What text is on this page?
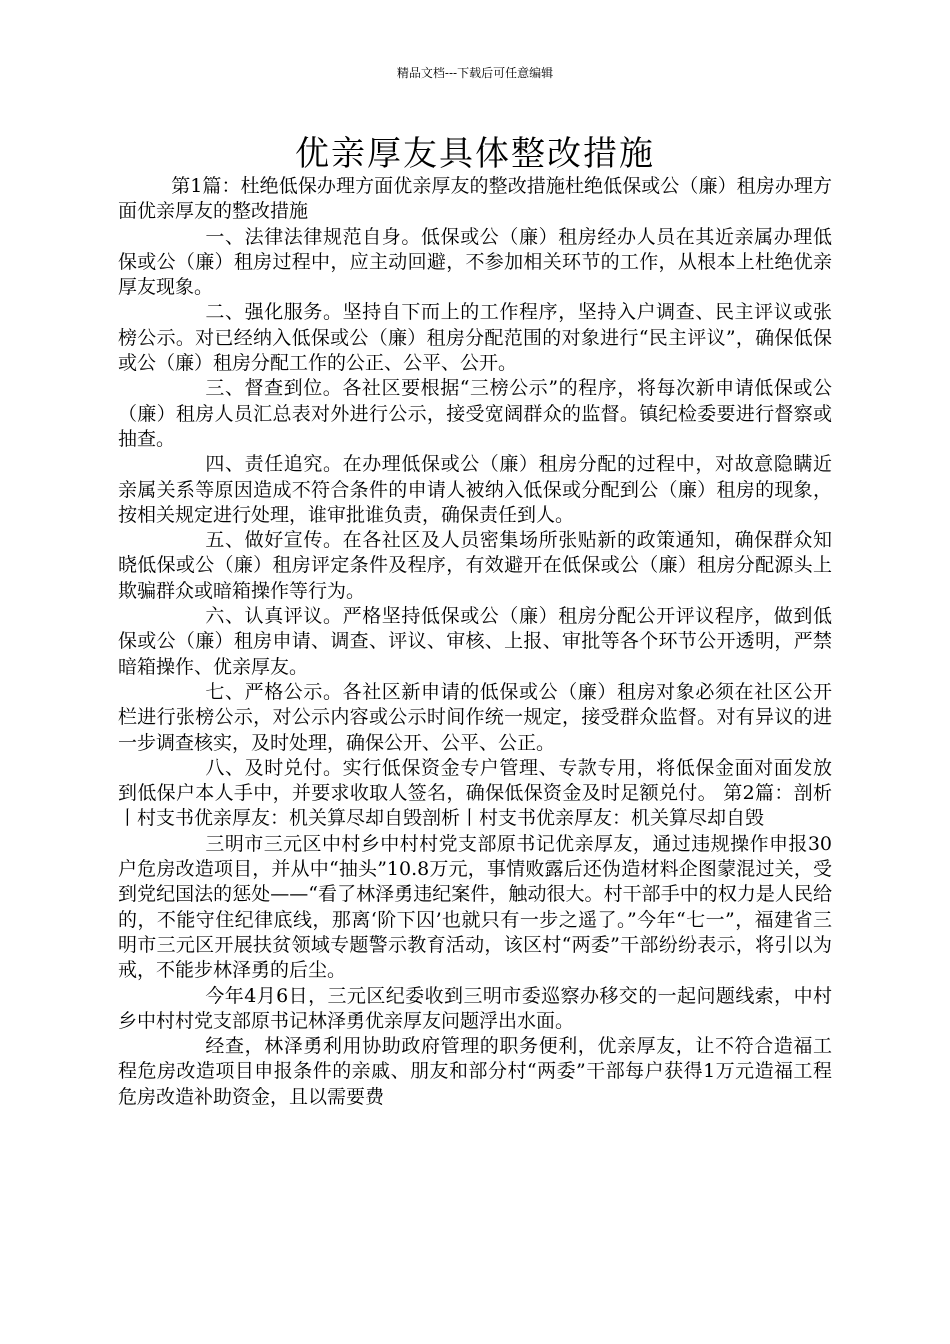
精品文档---下载后可任意编辑
优亲厚友具体整改措施

第1篇：杜绝低保办理方面优亲厚友的整改措施杜绝低保或公（廉）租房办理方面优亲厚友的整改措施

一、法律法律规范自身。低保或公（廉）租房经办人员在其近亲属办理低保或公（廉）租房过程中，应主动回避，不参加相关环节的工作，从根本上杜绝优亲厚友现象。

二、强化服务。坚持自下而上的工作程序，坚持入户调查、民主评议或张榜公示。对已经纳入低保或公（廉）租房分配范围的对象进行“民主评议”，确保低保或公（廉）租房分配工作的公正、公平、公开。

三、督查到位。各社区要根据“三榜公示”的程序，将每次新申请低保或公（廉）租房人员汇总表对外进行公示，接受宽阔群众的监督。镇纪检委要进行督察或抽查。

四、责任追究。在办理低保或公（廉）租房分配的过程中，对故意隐瞒近亲属关系等原因造成不符合条件的申请人被纳入低保或分配到公（廉）租房的现象，按相关规定进行处理，谁审批谁负责，确保责任到人。

五、做好宣传。在各社区及人员密集场所张贴新的政策通知，确保群众知晓低保或公（廉）租房评定条件及程序，有效避开在低保或公（廉）租房分配源头上欺骗群众或暗箱操作等行为。

六、认真评议。严格坚持低保或公（廉）租房分配公开评议程序，做到低保或公（廉）租房申请、调查、评议、审核、上报、审批等各个环节公开透明，严禁暗箱操作、优亲厚友。

七、严格公示。各社区新申请的低保或公（廉）租房对象必须在社区公开栏进行张榜公示，对公示内容或公示时间作统一规定，接受群众监督。对有异议的进一步调查核实，及时处理，确保公开、公平、公正。

八、及时兑付。实行低保资金专户管理、专款专用，将低保金面对面发放到低保户本人手中，并要求收取人签名，确保低保资金及时足额兑付。 第2篇：剖析丨村支书优亲厚友：机关算尽却自毁剖析丨村支书优亲厚友：机关算尽却自毁

三明市三元区中村乡中村村党支部原书记优亲厚友，通过违规操作申报30户危房改造项目，并从中“抽头”10.8万元，事情败露后还伪造材料企图蒙混过关，受到党纪国法的惩处——“看了林泽勇违纪案件，触动很大。村干部手中的权力是人民给的，不能守住纪律底线，那离‘阶下囚’也就只有一步之遥了。”今年“七一”，福建省三明市三元区开展扶贫领域专题警示教育活动，该区村“两委”干部纷纷表示，将引以为戒，不能步林泽勇的后尘。

今年4月6日，三元区纪委收到三明市委巡察办移交的一起问题线索，中村乡中村村党支部原书记林泽勇优亲厚友问题浮出水面。

经查，林泽勇利用协助政府管理的职务便利，优亲厚友，让不符合造福工程危房改造项目申报条件的亲戚、朋友和部分村“两委”干部每户获得1万元造福工程危房改造补助资金，且以需要费
